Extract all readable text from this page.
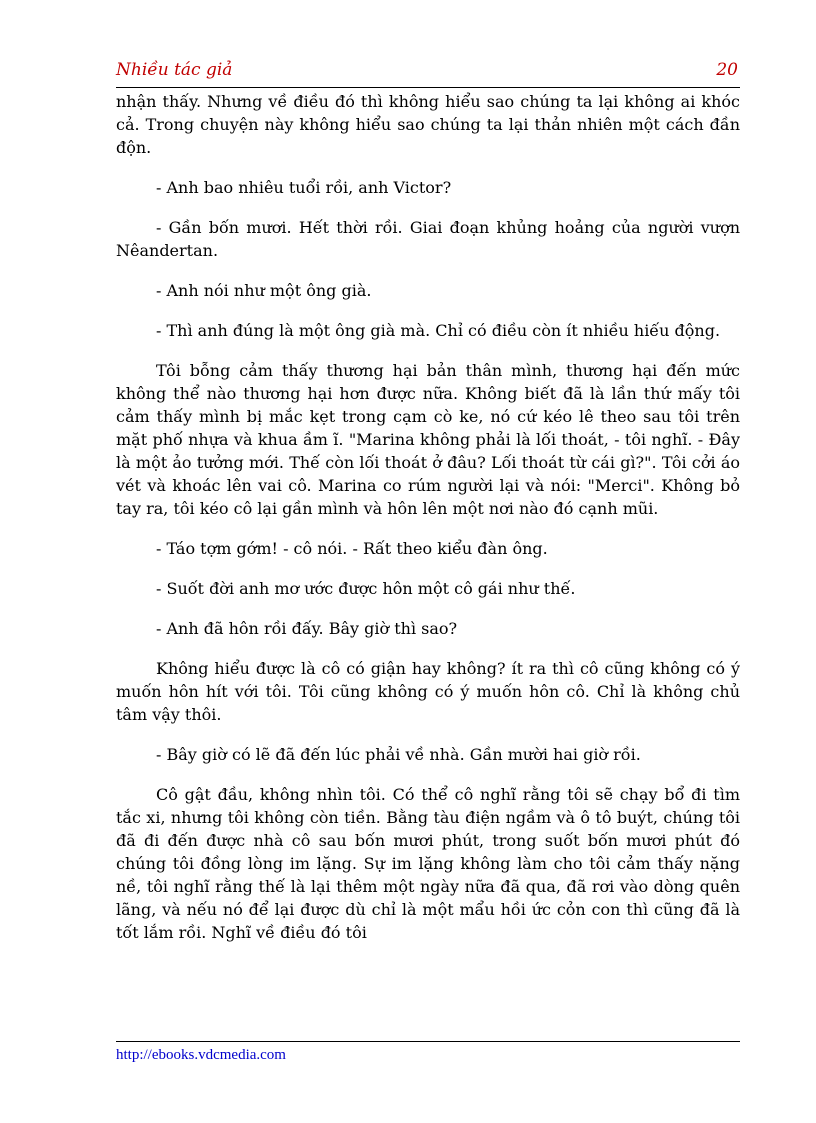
Nhiều tác giả	20

nhận thấy. Nhưng về điều đó thì không hiểu sao chúng ta lại không ai khóc cả. Trong chuyện này không hiểu sao chúng ta lại thản nhiên một cách đần độn.

- Anh bao nhiêu tuổi rồi, anh Victor?

- Gần bốn mươi. Hết thời rồi. Giai đoạn khủng hoảng của người vượn Nêandertan.

- Anh nói như một ông già.

- Thì anh đúng là một ông già mà. Chỉ có điều còn ít nhiều hiếu động.

Tôi bỗng cảm thấy thương hại bản thân mình, thương hại đến mức không thể nào thương hại hơn được nữa. Không biết đã là lần thứ mấy tôi cảm thấy mình bị mắc kẹt trong cạm cò ke, nó cứ kéo lê theo sau tôi trên mặt phố nhựa và khua ầm ĩ. "Marina không phải là lối thoát, - tôi nghĩ. - Đây là một ảo tưởng mới. Thế còn lối thoát ở đâu? Lối thoát từ cái gì?". Tôi cởi áo vét và khoác lên vai cô. Marina co rúm người lại và nói: "Merci". Không bỏ tay ra, tôi kéo cô lại gần mình và hôn lên một nơi nào đó cạnh mũi.

- Táo tợm gớm! - cô nói. - Rất theo kiểu đàn ông.

- Suốt đời anh mơ ước được hôn một cô gái như thế.

- Anh đã hôn rồi đấy. Bây giờ thì sao?

Không hiểu được là cô có giận hay không? ít ra thì cô cũng không có ý muốn hôn hít với tôi. Tôi cũng không có ý muốn hôn cô. Chỉ là không chủ tâm vậy thôi.

- Bây giờ có lẽ đã đến lúc phải về nhà. Gần mười hai giờ rồi.

Cô gật đầu, không nhìn tôi. Có thể cô nghĩ rằng tôi sẽ chạy bổ đi tìm tắc xi, nhưng tôi không còn tiền. Bằng tàu điện ngầm và ô tô buýt, chúng tôi đã đi đến được nhà cô sau bốn mươi phút, trong suốt bốn mươi phút đó chúng tôi đồng lòng im lặng. Sự im lặng không làm cho tôi cảm thấy nặng nề, tôi nghĩ rằng thế là lại thêm một ngày nữa đã qua, đã rơi vào dòng quên lãng, và nếu nó để lại được dù chỉ là một mẩu hồi ức cỏn con thì cũng đã là tốt lắm rồi. Nghĩ về điều đó tôi

http://ebooks.vdcmedia.com
